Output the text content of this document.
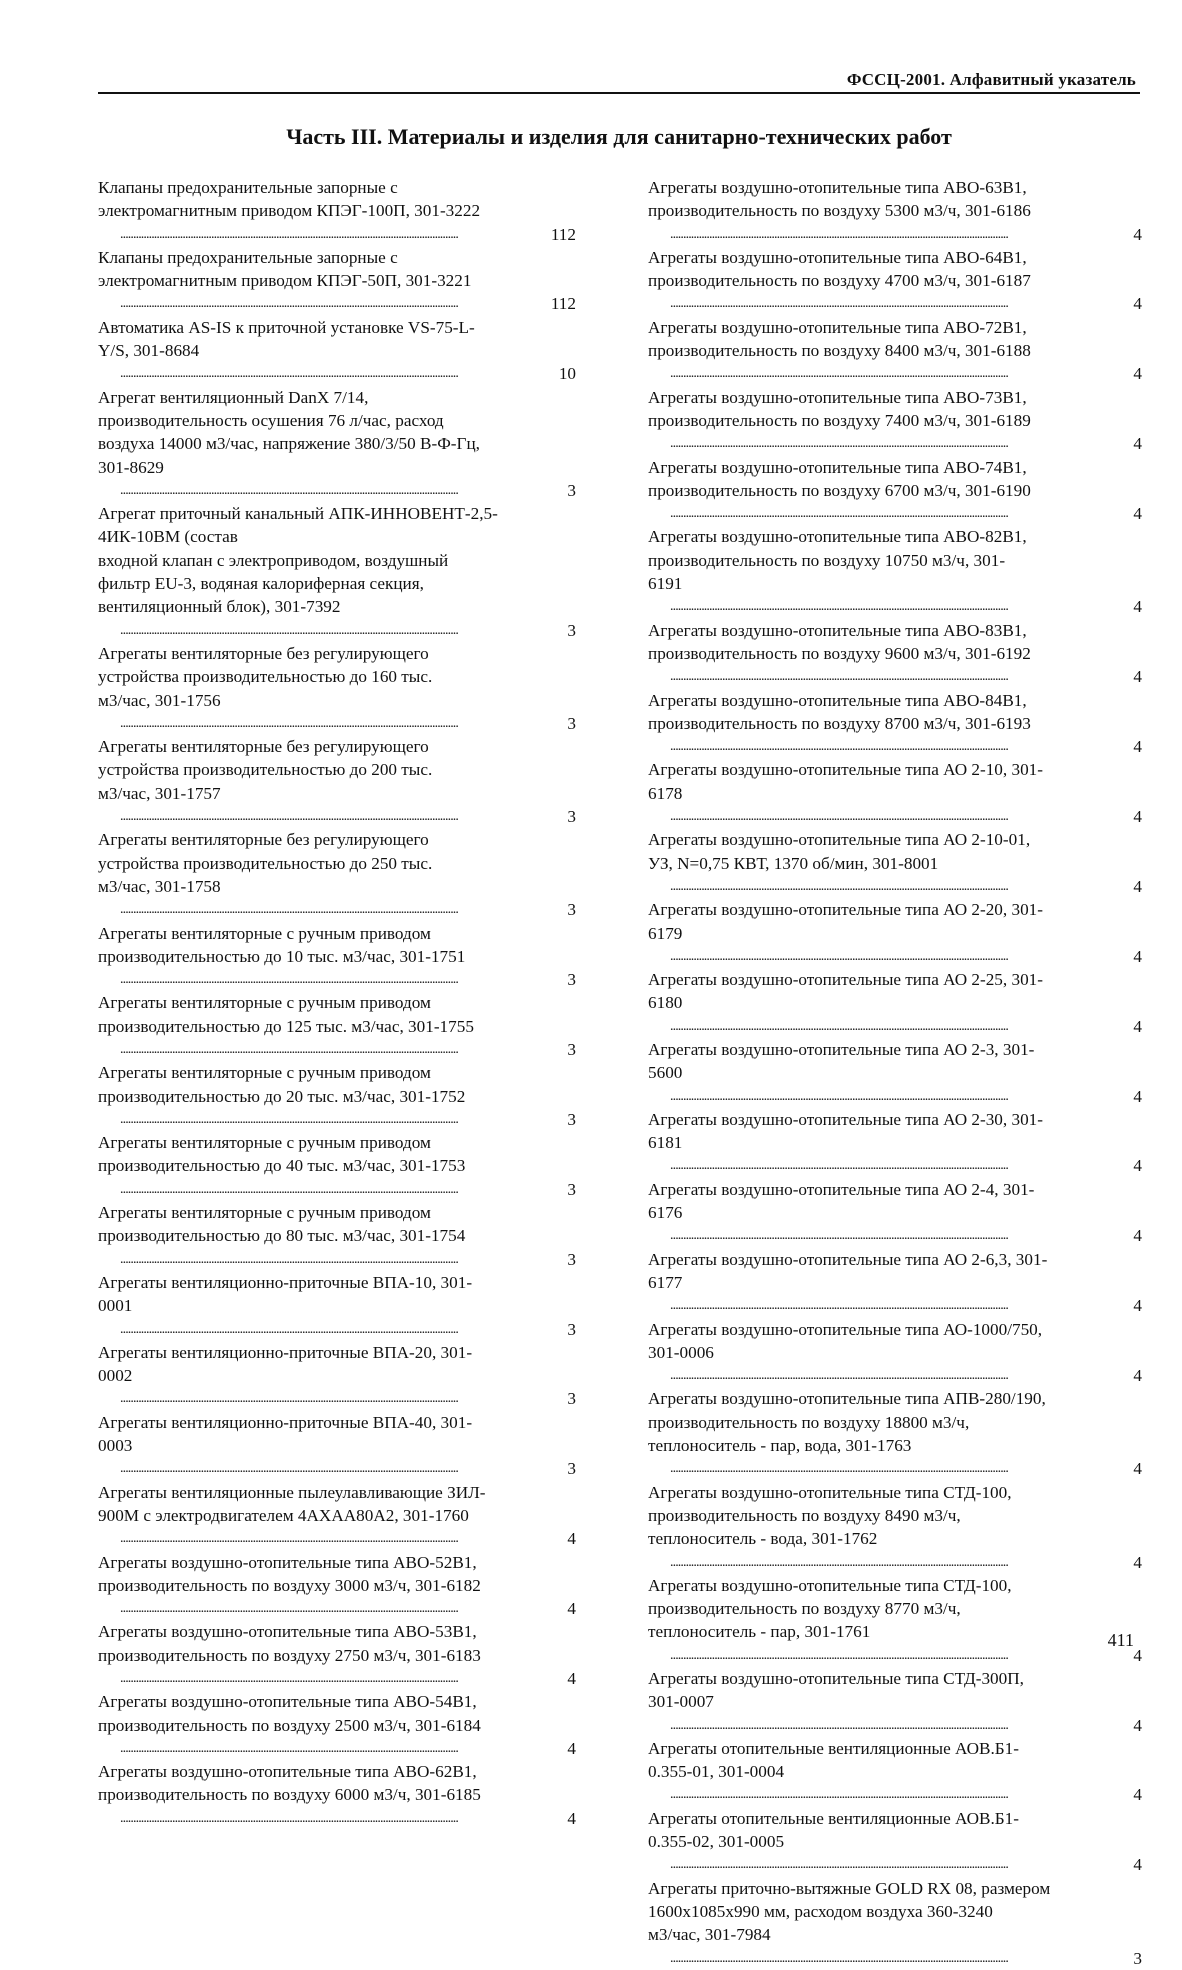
ФССЦ-2001. Алфавитный указатель
Часть III. Материалы и изделия для санитарно-технических работ
Клапаны предохранительные запорные с
электромагнитным приводом КПЭГ-100П, 301-3222
. . . 112
Клапаны предохранительные запорные с
электромагнитным приводом КПЭГ-50П, 301-3221
. . . 112
Автоматика AS-IS к приточной установке VS-75-L-
Y/S, 301-8684
. . . 10
Агрегат вентиляционный DanX 7/14,
производительность осушения 76 л/час, расход
воздуха 14000 м3/час, напряжение 380/3/50 В-Ф-Гц,
301-8629
. . . 3
Агрегат приточный канальный АПК-ИННОВЕНТ-2,5-
4ИК-10ВМ (состав
входной клапан с электроприводом, воздушный
фильтр EU-3, водяная калориферная секция,
вентиляционный блок), 301-7392
. . . 3
Агрегаты вентиляторные без регулирующего
устройства производительностью до 160 тыс.
м3/час, 301-1756
. . . 3
Агрегаты вентиляторные без регулирующего
устройства производительностью до 200 тыс.
м3/час, 301-1757
. . . 3
Агрегаты вентиляторные без регулирующего
устройства производительностью до 250 тыс.
м3/час, 301-1758
. . . 3
Агрегаты вентиляторные с ручным приводом
производительностью до 10 тыс. м3/час, 301-1751
. . . 3
Агрегаты вентиляторные с ручным приводом
производительностью до 125 тыс. м3/час, 301-1755
. . . 3
Агрегаты вентиляторные с ручным приводом
производительностью до 20 тыс. м3/час, 301-1752
. . . 3
Агрегаты вентиляторные с ручным приводом
производительностью до 40 тыс. м3/час, 301-1753
. . . 3
Агрегаты вентиляторные с ручным приводом
производительностью до 80 тыс. м3/час, 301-1754
. . . 3
Агрегаты вентиляционно-приточные ВПА-10, 301-
0001
. . . 3
Агрегаты вентиляционно-приточные ВПА-20, 301-
0002
. . . 3
Агрегаты вентиляционно-приточные ВПА-40, 301-
0003
. . . 3
Агрегаты вентиляционные пылеулавливающие ЗИЛ-
900М с электродвигателем 4АХАА80А2, 301-1760
. . . 4
Агрегаты воздушно-отопительные типа АВО-52В1,
производительность по воздуху 3000 м3/ч, 301-6182
. . . 4
Агрегаты воздушно-отопительные типа АВО-53В1,
производительность по воздуху 2750 м3/ч, 301-6183
. . . 4
Агрегаты воздушно-отопительные типа АВО-54В1,
производительность по воздуху 2500 м3/ч, 301-6184
. . . 4
Агрегаты воздушно-отопительные типа АВО-62В1,
производительность по воздуху 6000 м3/ч, 301-6185
. . . 4
Агрегаты воздушно-отопительные типа АВО-63В1,
производительность по воздуху 5300 м3/ч, 301-6186
. . . 4
Агрегаты воздушно-отопительные типа АВО-64В1,
производительность по воздуху 4700 м3/ч, 301-6187
. . . 4
Агрегаты воздушно-отопительные типа АВО-72В1,
производительность по воздуху 8400 м3/ч, 301-6188
. . . 4
Агрегаты воздушно-отопительные типа АВО-73В1,
производительность по воздуху 7400 м3/ч, 301-6189
. . . 4
Агрегаты воздушно-отопительные типа АВО-74В1,
производительность по воздуху 6700 м3/ч, 301-6190
. . . 4
Агрегаты воздушно-отопительные типа АВО-82В1,
производительность по воздуху 10750 м3/ч, 301-
6191
. . . 4
Агрегаты воздушно-отопительные типа АВО-83В1,
производительность по воздуху 9600 м3/ч, 301-6192
. . . 4
Агрегаты воздушно-отопительные типа АВО-84В1,
производительность по воздуху 8700 м3/ч, 301-6193
. . . 4
Агрегаты воздушно-отопительные типа АО 2-10, 301-
6178
. . . 4
Агрегаты воздушно-отопительные типа АО 2-10-01,
УЗ, N=0,75 КВТ, 1370 об/мин, 301-8001
. . . 4
Агрегаты воздушно-отопительные типа АО 2-20, 301-
6179
. . . 4
Агрегаты воздушно-отопительные типа АО 2-25, 301-
6180
. . . 4
Агрегаты воздушно-отопительные типа АО 2-3, 301-
5600
. . . 4
Агрегаты воздушно-отопительные типа АО 2-30, 301-
6181
. . . 4
Агрегаты воздушно-отопительные типа АО 2-4, 301-
6176
. . . 4
Агрегаты воздушно-отопительные типа АО 2-6,3, 301-
6177
. . . 4
Агрегаты воздушно-отопительные типа АО-1000/750,
301-0006
. . . 4
Агрегаты воздушно-отопительные типа АПВ-280/190,
производительность по воздуху 18800 м3/ч,
теплоноситель - пар, вода, 301-1763
. . . 4
Агрегаты воздушно-отопительные типа СТД-100,
производительность по воздуху 8490 м3/ч,
теплоноситель - вода, 301-1762
. . . 4
Агрегаты воздушно-отопительные типа СТД-100,
производительность по воздуху 8770 м3/ч,
теплоноситель - пар, 301-1761
. . . 4
Агрегаты воздушно-отопительные типа СТД-300П,
301-0007
. . . 4
Агрегаты отопительные вентиляционные АОВ.Б1-
0.355-01, 301-0004
. . . 4
Агрегаты отопительные вентиляционные АОВ.Б1-
0.355-02, 301-0005
. . . 4
Агрегаты приточно-вытяжные GOLD RX 08, размером
1600х1085х990 мм, расходом воздуха 360-3240
м3/час, 301-7984
. . . 3
411
